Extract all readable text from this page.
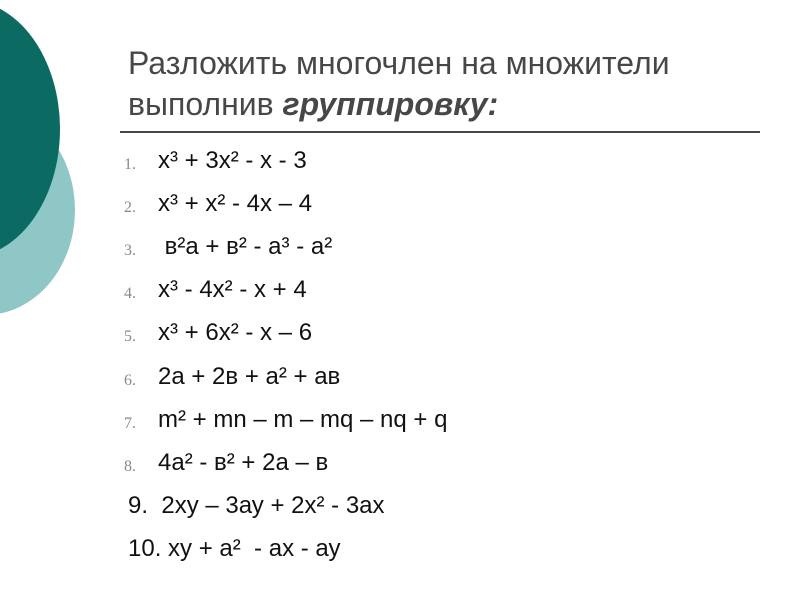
Разложить многочлен на множители
выполнив группировку:
1. х³ + 3х² - х - 3
2. х³ + х² - 4х – 4
3. в²а + в² - а³ - а²
4. х³ - 4х² - х + 4
5. х³ + 6х² - х – 6
6. 2а + 2в + а² + ав
7. m² + mn – m – mq – nq + q
8. 4а² - в² + 2а – в
9.  2ху – 3ау + 2х² - 3ах
10. ху + а²  - ах - ау
